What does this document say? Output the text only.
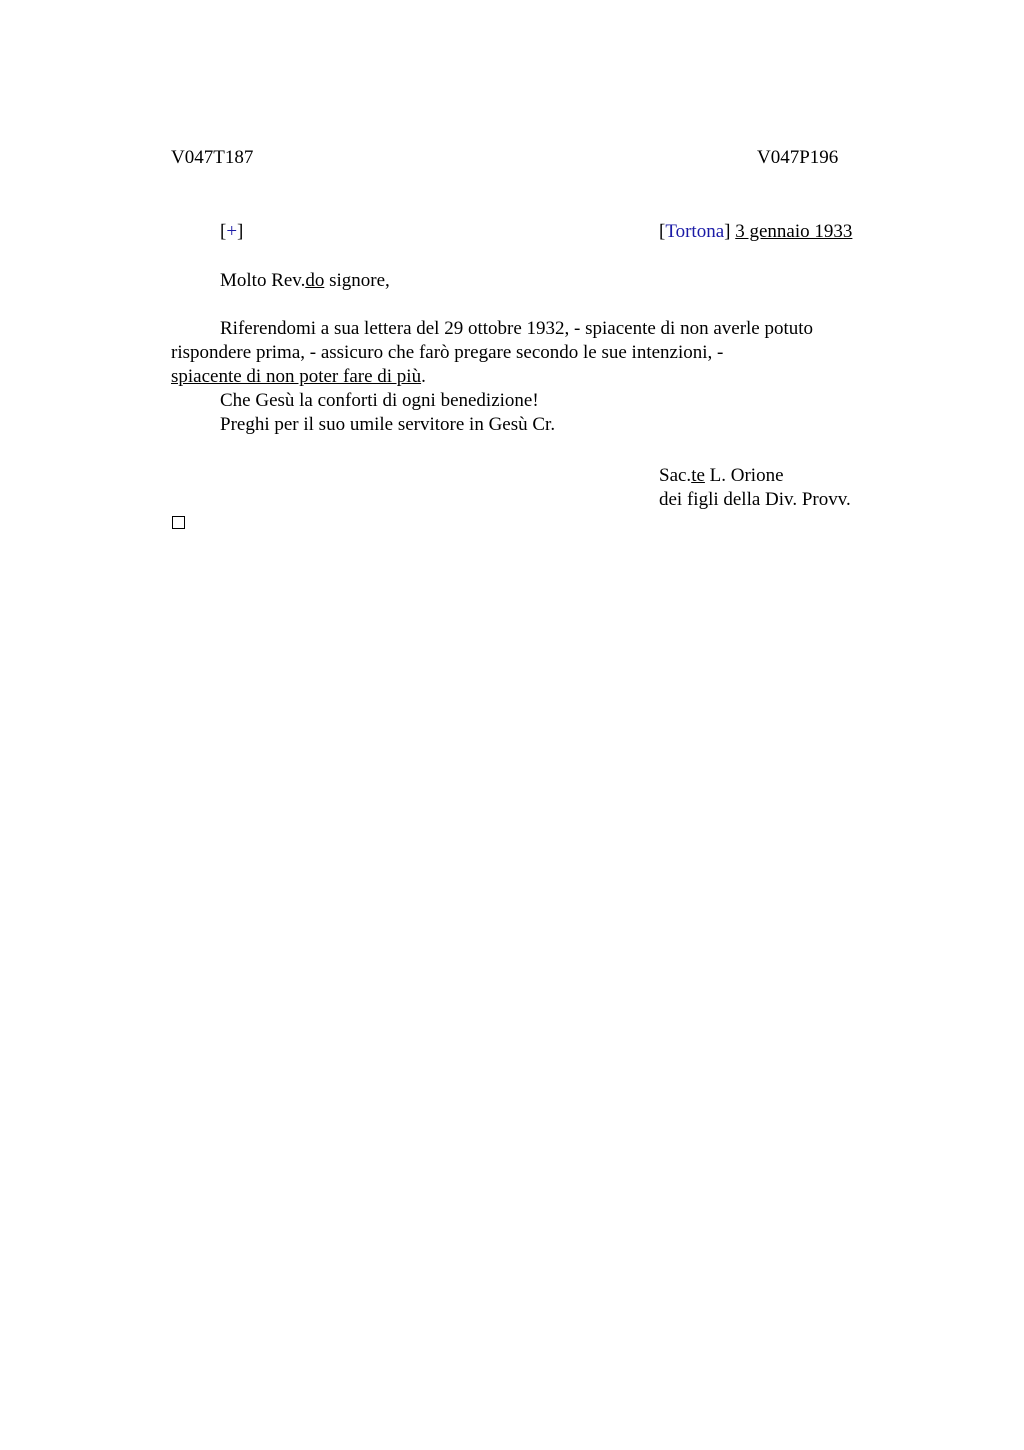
V047T187	V047P196
[+]	[Tortona] 3 gennaio 1933
Molto Rev.do signore,
Riferendomi a sua lettera del 29 ottobre 1932, - spiacente di non averle potuto
rispondere prima, - assicuro che farò pregare secondo le sue intenzioni, -
spiacente di non poter fare di più.
Che Gesù la conforti di ogni benedizione!
Preghi per il suo umile servitore in Gesù Cr.
Sac.te L. Orione
dei figli della Div. Provv.
